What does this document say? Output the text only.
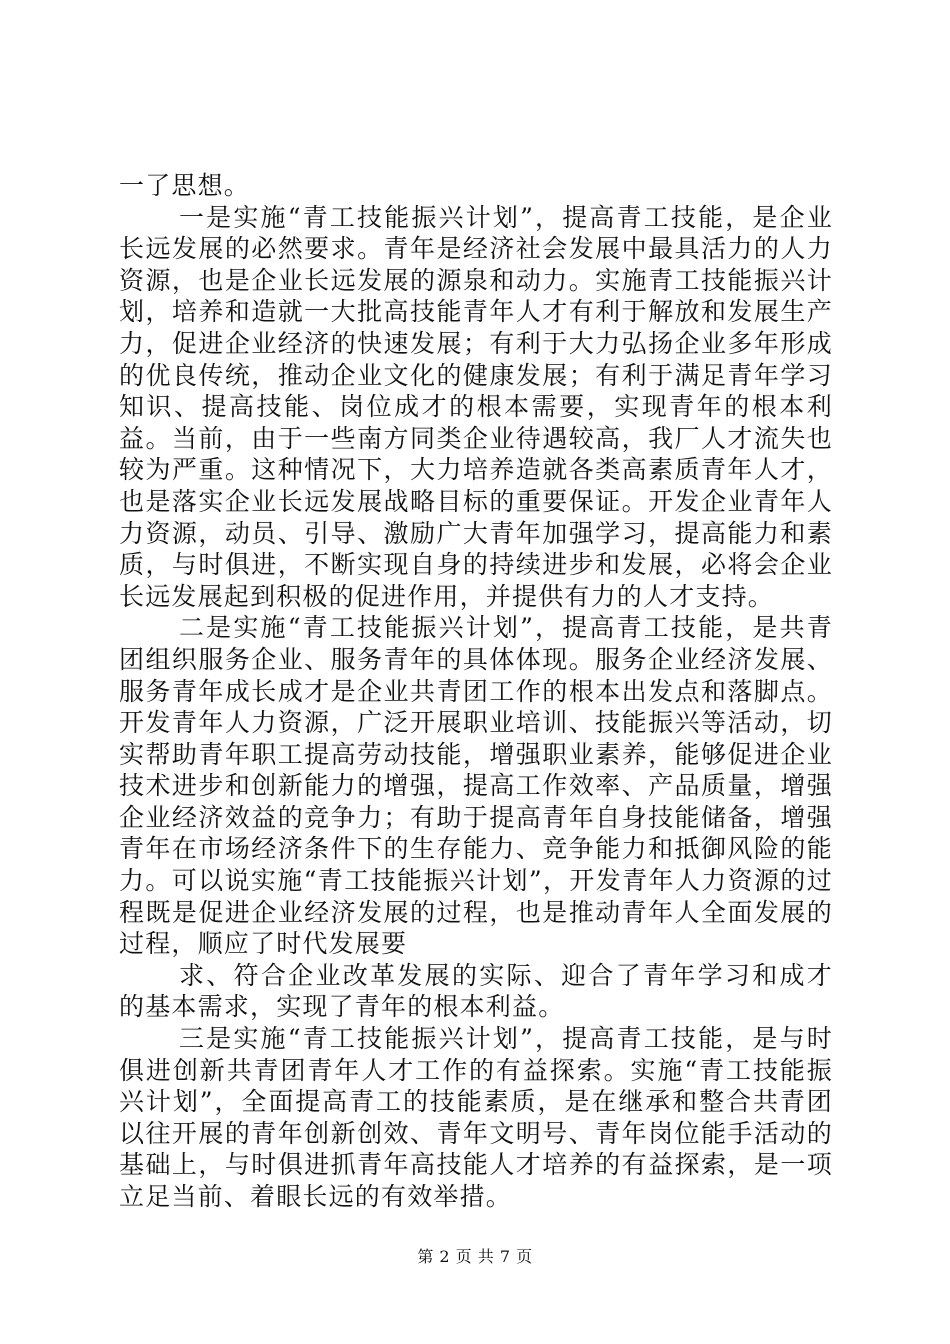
一了思想。

一是实施“青工技能振兴计划”，提高青工技能，是企业长远发展的必然要求。青年是经济社会发展中最具活力的人力资源，也是企业长远发展的源泉和动力。实施青工技能振兴计划，培养和造就一大批高技能青年人才有利于解放和发展生产力，促进企业经济的快速发展；有利于大力弘扬企业多年形成的优良传统，推动企业文化的健康发展；有利于满足青年学习知识、提高技能、岗位成才的根本需要，实现青年的根本利益。当前，由于一些南方同类企业待遇较高，我厂人才流失也较为严重。这种情况下，大力培养造就各类高素质青年人才，也是落实企业长远发展战略目标的重要保证。开发企业青年人力资源，动员、引导、激励广大青年加强学习，提高能力和素质，与时俱进，不断实现自身的持续进步和发展，必将会企业长远发展起到积极的促进作用，并提供有力的人才支持。

二是实施“青工技能振兴计划”，提高青工技能，是共青团组织服务企业、服务青年的具体体现。服务企业经济发展、服务青年成长成才是企业共青团工作的根本出发点和落脚点。开发青年人力资源，广泛开展职业培训、技能振兴等活动，切实帮助青年职工提高劳动技能，增强职业素养，能够促进企业技术进步和创新能力的增强，提高工作效率、产品质量，增强企业经济效益的竞争力；有助于提高青年自身技能储备，增强青年在市场经济条件下的生存能力、竞争能力和抵御风险的能力。可以说实施“青工技能振兴计划”，开发青年人力资源的过程既是促进企业经济发展的过程，也是推动青年人全面发展的过程，顺应了时代发展要

求、符合企业改革发展的实际、迎合了青年学习和成才的基本需求，实现了青年的根本利益。

三是实施“青工技能振兴计划”，提高青工技能，是与时俱进创新共青团青年人才工作的有益探索。实施“青工技能振兴计划”，全面提高青工的技能素质，是在继承和整合共青团以往开展的青年创新创效、青年文明号、青年岗位能手活动的基础上，与时俱进抓青年高技能人才培养的有益探索，是一项立足当前、着眼长远的有效举措。

第 2 页 共 7 页
